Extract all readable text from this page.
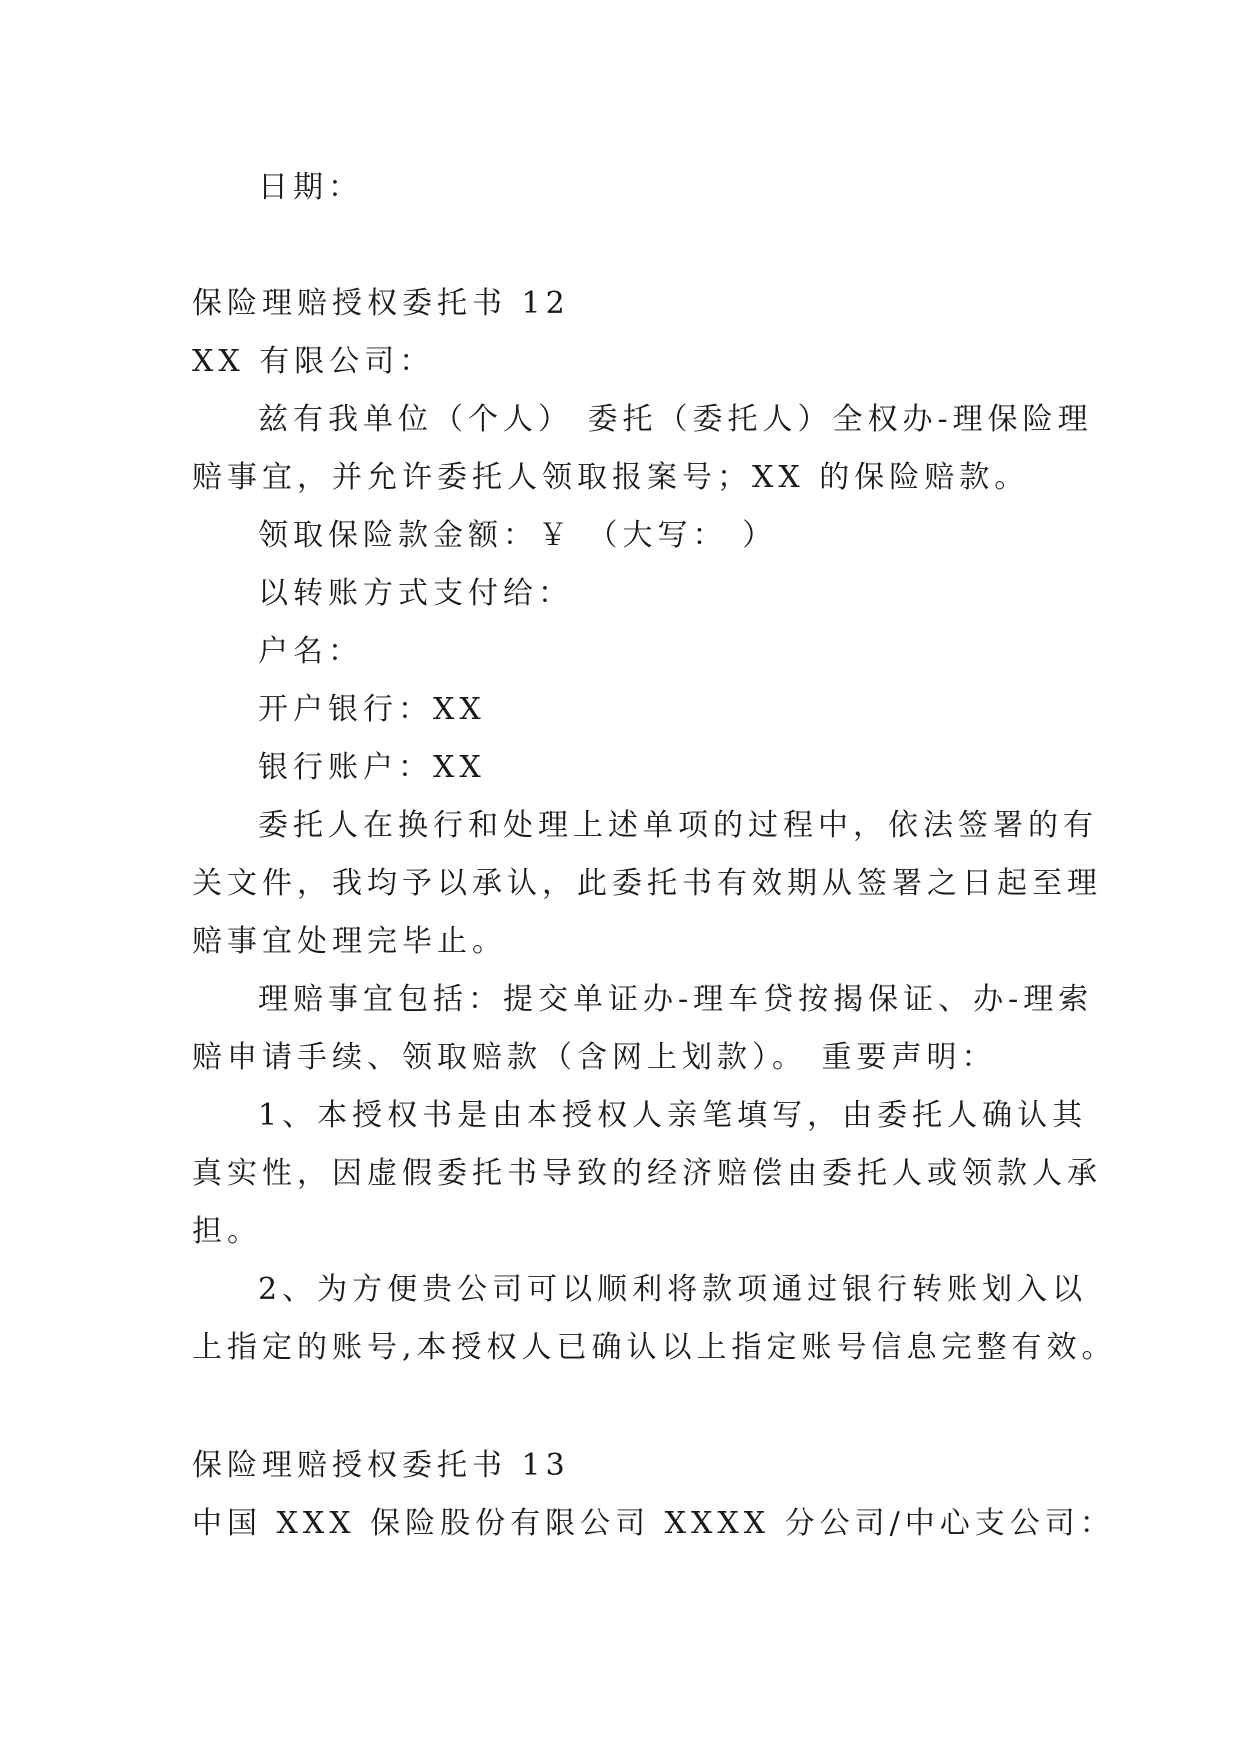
日期：
保险理赔授权委托书 12
XX 有限公司：
兹有我单位（个人） 委托（委托人）全权办-理保险理
赔事宜，并允许委托人领取报案号；XX 的保险赔款。
领取保险款金额：￥ （大写： ）
以转账方式支付给：
户名：
开户银行：XX
银行账户：XX
委托人在换行和处理上述单项的过程中，依法签署的有
关文件，我均予以承认，此委托书有效期从签署之日起至理
赔事宜处理完毕止。
理赔事宜包括：提交单证办-理车贷按揭保证、办-理索
赔申请手续、领取赔款（含网上划款）。 重要声明：
1、本授权书是由本授权人亲笔填写，由委托人确认其
真实性，因虚假委托书导致的经济赔偿由委托人或领款人承
担。
2、为方便贵公司可以顺利将款项通过银行转账划入以
上指定的账号,本授权人已确认以上指定账号信息完整有效。
保险理赔授权委托书 13
中国 XXX 保险股份有限公司 XXXX 分公司/中心支公司：
